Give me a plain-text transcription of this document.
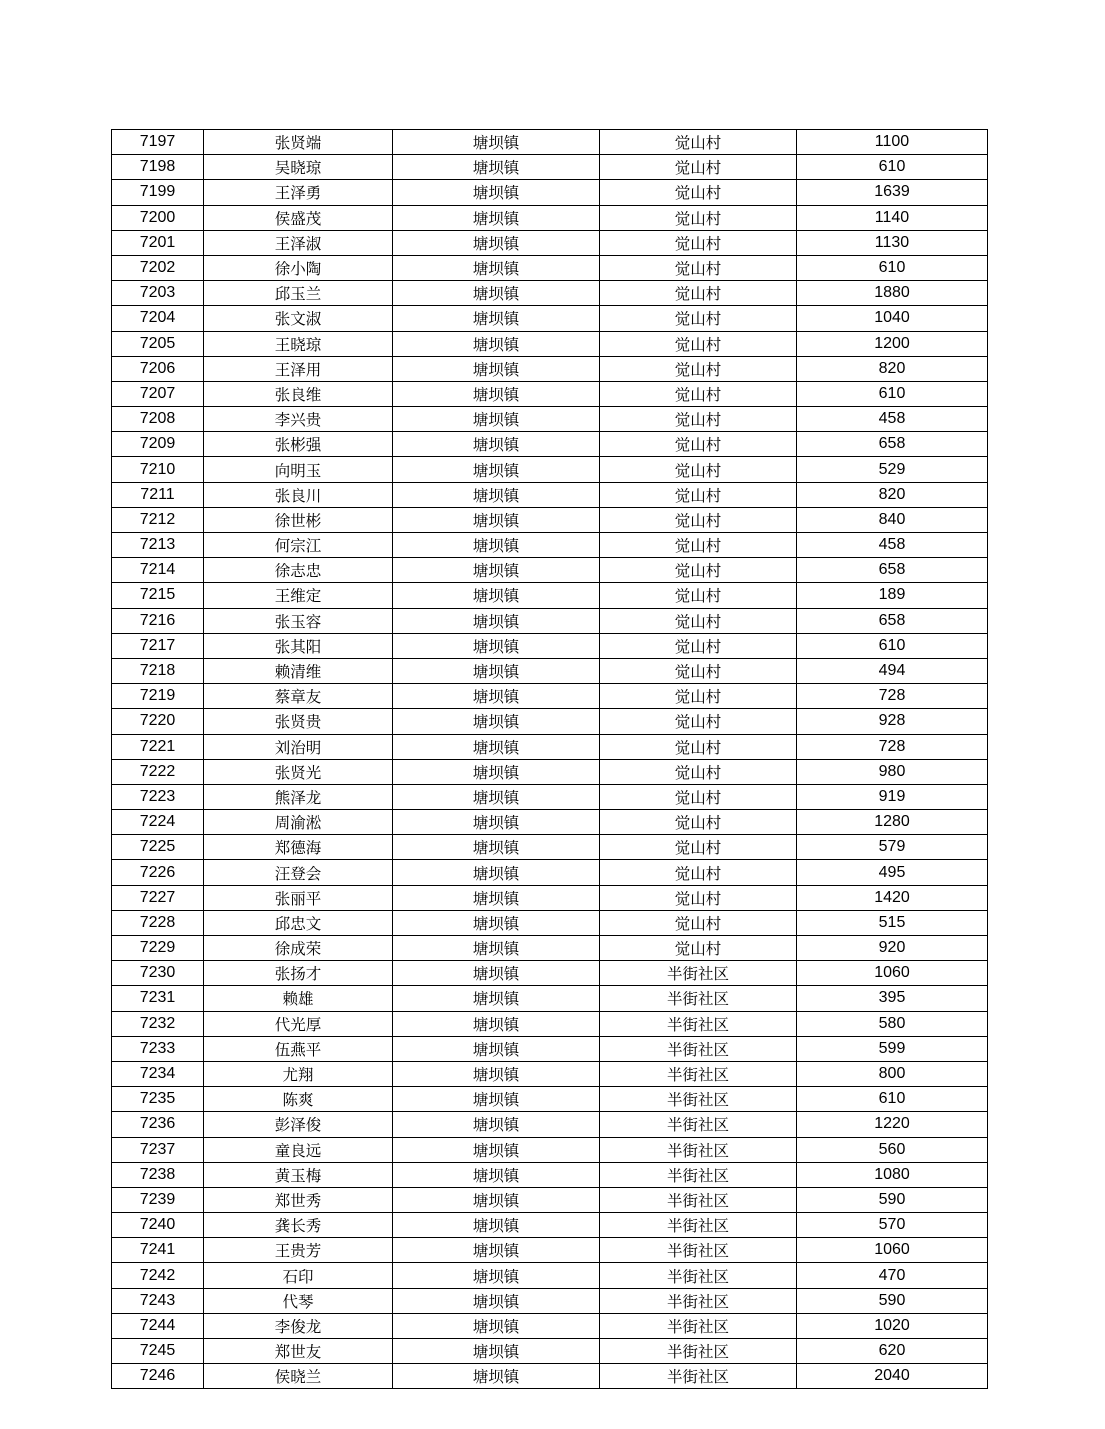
7197	张贤端	塘坝镇	觉山村	1100
7198	吴晓琼	塘坝镇	觉山村	610
7199	王泽勇	塘坝镇	觉山村	1639
7200	侯盛茂	塘坝镇	觉山村	1140
7201	王泽淑	塘坝镇	觉山村	1130
7202	徐小陶	塘坝镇	觉山村	610
7203	邱玉兰	塘坝镇	觉山村	1880
7204	张文淑	塘坝镇	觉山村	1040
7205	王晓琼	塘坝镇	觉山村	1200
7206	王泽用	塘坝镇	觉山村	820
7207	张良维	塘坝镇	觉山村	610
7208	李兴贵	塘坝镇	觉山村	458
7209	张彬强	塘坝镇	觉山村	658
7210	向明玉	塘坝镇	觉山村	529
7211	张良川	塘坝镇	觉山村	820
7212	徐世彬	塘坝镇	觉山村	840
7213	何宗江	塘坝镇	觉山村	458
7214	徐志忠	塘坝镇	觉山村	658
7215	王维定	塘坝镇	觉山村	189
7216	张玉容	塘坝镇	觉山村	658
7217	张其阳	塘坝镇	觉山村	610
7218	赖清维	塘坝镇	觉山村	494
7219	蔡章友	塘坝镇	觉山村	728
7220	张贤贵	塘坝镇	觉山村	928
7221	刘治明	塘坝镇	觉山村	728
7222	张贤光	塘坝镇	觉山村	980
7223	熊泽龙	塘坝镇	觉山村	919
7224	周渝淞	塘坝镇	觉山村	1280
7225	郑德海	塘坝镇	觉山村	579
7226	汪登会	塘坝镇	觉山村	495
7227	张丽平	塘坝镇	觉山村	1420
7228	邱忠文	塘坝镇	觉山村	515
7229	徐成荣	塘坝镇	觉山村	920
7230	张扬才	塘坝镇	半街社区	1060
7231	赖雄	塘坝镇	半街社区	395
7232	代光厚	塘坝镇	半街社区	580
7233	伍燕平	塘坝镇	半街社区	599
7234	尤翔	塘坝镇	半街社区	800
7235	陈爽	塘坝镇	半街社区	610
7236	彭泽俊	塘坝镇	半街社区	1220
7237	童良远	塘坝镇	半街社区	560
7238	黄玉梅	塘坝镇	半街社区	1080
7239	郑世秀	塘坝镇	半街社区	590
7240	龚长秀	塘坝镇	半街社区	570
7241	王贵芳	塘坝镇	半街社区	1060
7242	石印	塘坝镇	半街社区	470
7243	代琴	塘坝镇	半街社区	590
7244	李俊龙	塘坝镇	半街社区	1020
7245	郑世友	塘坝镇	半街社区	620
7246	侯晓兰	塘坝镇	半街社区	2040
